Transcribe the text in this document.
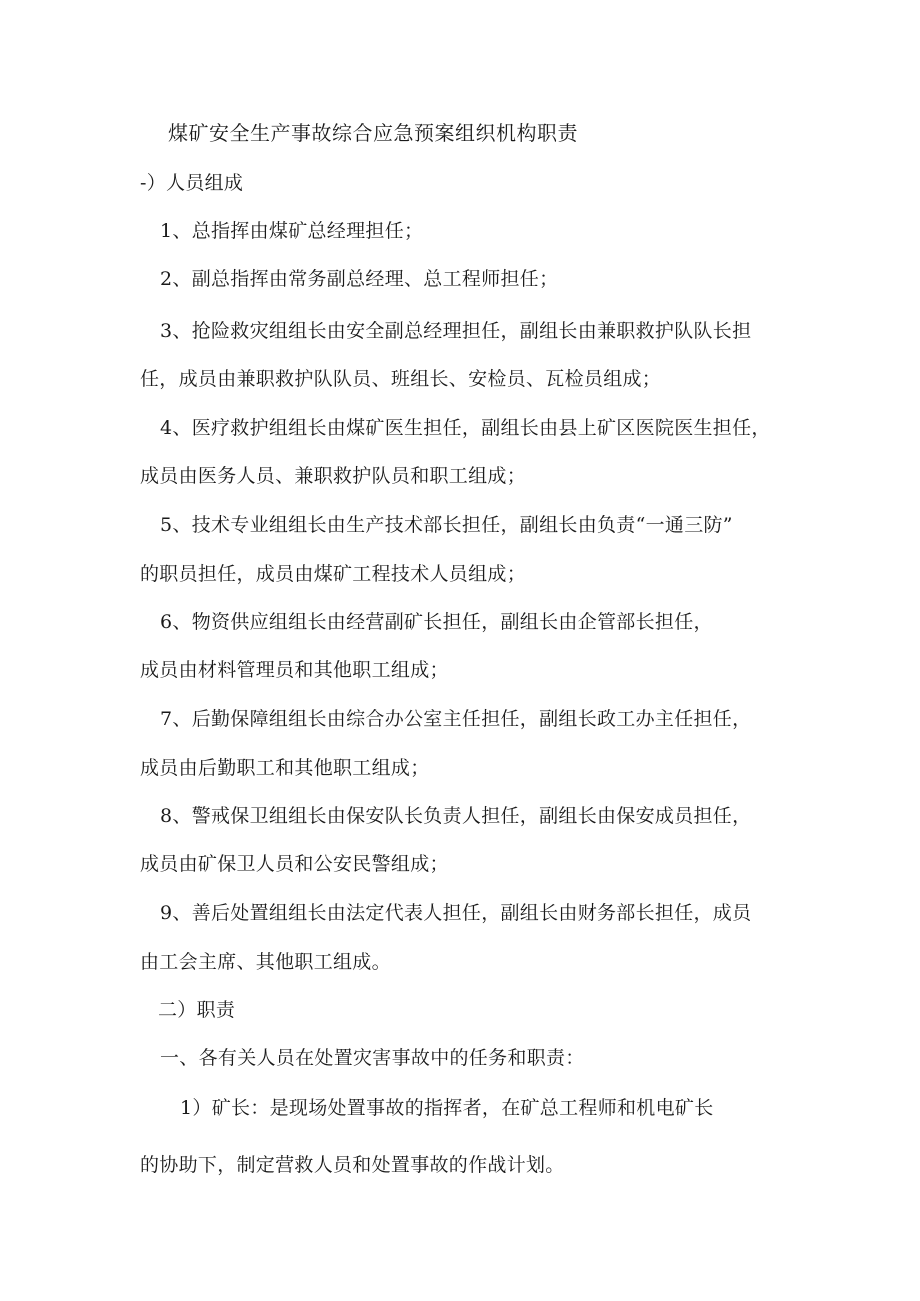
煤矿安全生产事故综合应急预案组织机构职责
-）人员组成
1、总指挥由煤矿总经理担任；
2、副总指挥由常务副总经理、总工程师担任；
3、抢险救灾组组长由安全副总经理担任，副组长由兼职救护队队长担
任，成员由兼职救护队队员、班组长、安检员、瓦检员组成；
4、医疗救护组组长由煤矿医生担任，副组长由县上矿区医院医生担任，
成员由医务人员、兼职救护队员和职工组成；
5、技术专业组组长由生产技术部长担任，副组长由负责“一通三防”
的职员担任，成员由煤矿工程技术人员组成；
6、物资供应组组长由经营副矿长担任，副组长由企管部长担任，
成员由材料管理员和其他职工组成；
7、后勤保障组组长由综合办公室主任担任，副组长政工办主任担任，
成员由后勤职工和其他职工组成；
8、警戒保卫组组长由保安队长负责人担任，副组长由保安成员担任，
成员由矿保卫人员和公安民警组成；
9、善后处置组组长由法定代表人担任，副组长由财务部长担任，成员
由工会主席、其他职工组成。
二）职责
一、各有关人员在处置灾害事故中的任务和职责：
1）矿长：是现场处置事故的指挥者，在矿总工程师和机电矿长
的协助下，制定营救人员和处置事故的作战计划。
